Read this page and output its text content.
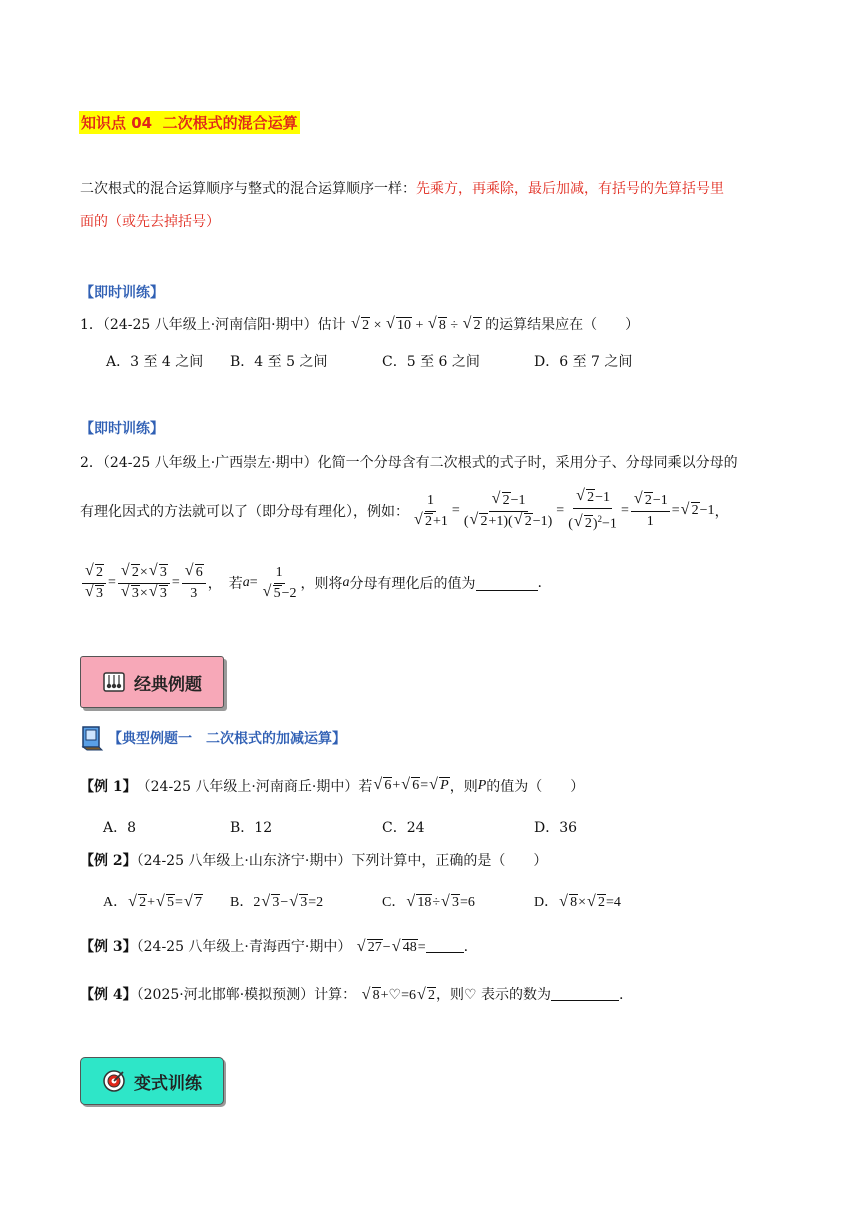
知识点 04 二次根式的混合运算
二次根式的混合运算顺序与整式的混合运算顺序一样：先乘方，再乘除，最后加减，有括号的先算括号里
面的（或先去掉括号）
【即时训练】
1．（24-25 八年级上·河南信阳·期中）估计 √ 2 × √ 10 + √ 8 ÷ √ 2 的运算结果应在（　　）
A．3 至 4 之间 B．4 至 5 之间	C．5 至 6 之间	D．6 至 7 之间
【即时训练】
2．（24-25 八年级上·广西崇左·期中）化简一个分母含有二次根式的式子时，采用分子、分母同乘以分母的
有理化因式的方法就可以了（即分母有理化），例如： 1
√ 2+1 = √ $\frac{2-1}{( √ 2+1)( √ 2-1)}$ = √ $\frac{2-1}{( √ 2)^2-1}$ = √ $\frac{2-1}{1}$ = √ 2 −1 ，
√ 2
√ 3 = √ 2× √ 3
√ 3× √ 3 = √ $\frac{6}{3}$ ，　若 a = 1
√ 5−2 ，则将 a 分母有理化后的值为	.
经典例题
【典型例题一　二次根式的加减运算】
【例 1】 （24-25 八年级上·河南商丘·期中）若 √ 6+ √ 6= √ P ，则 P 的值为（　　）
A．8	B．12	C．24	D．36
【例 2】（24-25 八年级上·山东济宁·期中）下列计算中，正确的是（　　）
A． √ 2+ √ 5= √ 7 B．2 √ 3− √ 3=2	C． √ 18÷ √ 3=6	D． √ 8× √ 2=4
【例 3】（24-25 八年级上·青海西宁·期中） √ 27− √ 48=	.
【例 4】（2025·河北邯郸·模拟预测）计算： √ 8+♡=6 √ 2，则♡ 表示的数为	.
变式训练
